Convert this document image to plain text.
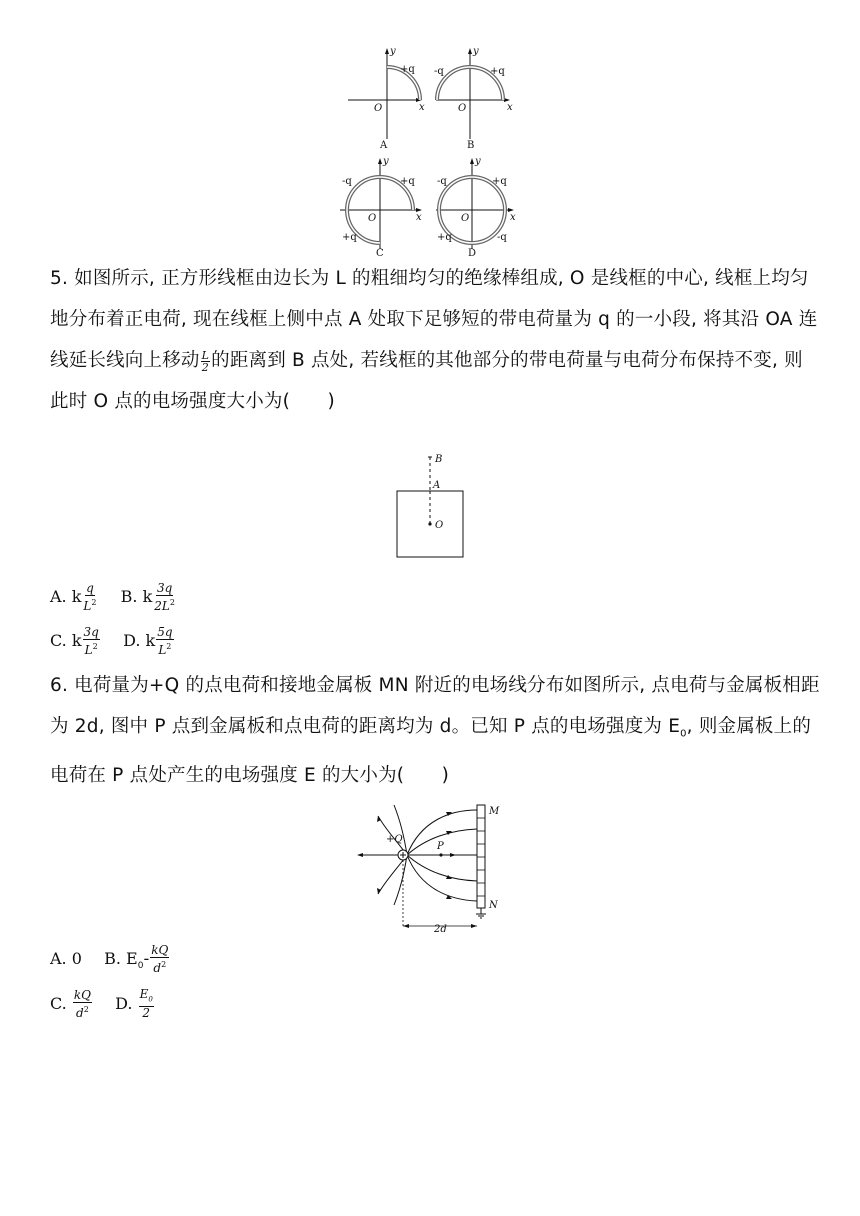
y
+q
O	x
A
y
-q	+q
O	x
B
y
-q	+q
O	x
+q
C
y
-q	+q
O	x
+q	-q
D
5. 如图所示, 正方形线框由边长为 L 的粗细均匀的绝缘棒组成, O 是线框的中心, 线框上均匀地分布着正电荷, 现在线框上侧中点 A 处取下足够短的带电荷量为 q 的一小段, 将其沿 OA 连线延长线向上移动 $\frac{L}{2}$ 的距离到 B 点处, 若线框的其他部分的带电荷量与电荷分布保持不变, 则此时 O 点的电场强度大小为(　　)
B
A
O
A. k $\frac{q}{L^2} B$. k $\frac{3q}{2L^2}$
C. k $\frac{3q}{L^2} D$. k $\frac{5q}{L^2}$
6. 电荷量为+Q 的点电荷和接地金属板 MN 附近的电场线分布如图所示, 点电荷与金属板相距为 2d, 图中 P 点到金属板和点电荷的距离均为 d。已知 P 点的电场强度为 $E_0$, 则金属板上的电荷在 P 点处产生的电场强度 E 的大小为(　　)
+Q
P
M
N
2d
A. 0 B. $E_0- \frac{kQ}{d^2}$
C. $\frac{kQ}{d^2} D$. $\frac{E_0}{2}$
